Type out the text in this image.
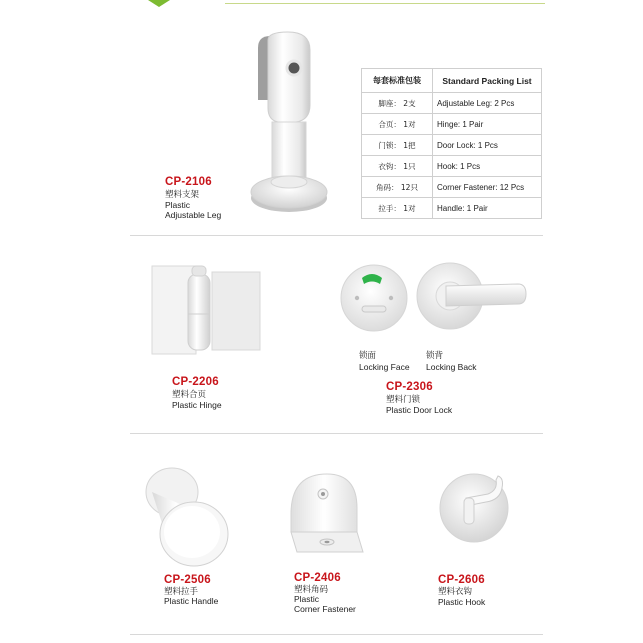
CP-2106
塑料支架
Plastic
Adjustable Leg
每套标准包装	Standard Packing List
脚座： 2支	Adjustable Leg: 2 Pcs
合页： 1对	Hinge: 1 Pair
门锁： 1把	Door Lock: 1 Pcs
衣钩： 1只	Hook: 1 Pcs
角码： 12只	Corner Fastener: 12 Pcs
拉手： 1对	Handle: 1 Pair
CP-2206
塑料合页
Plastic Hinge
锁面
Locking Face
锁背
Locking Back
CP-2306
塑料门锁
Plastic Door Lock
CP-2506
塑料拉手
Plastic Handle
CP-2406
塑料角码
Plastic
Corner Fastener
CP-2606
塑料衣钩
Plastic Hook
